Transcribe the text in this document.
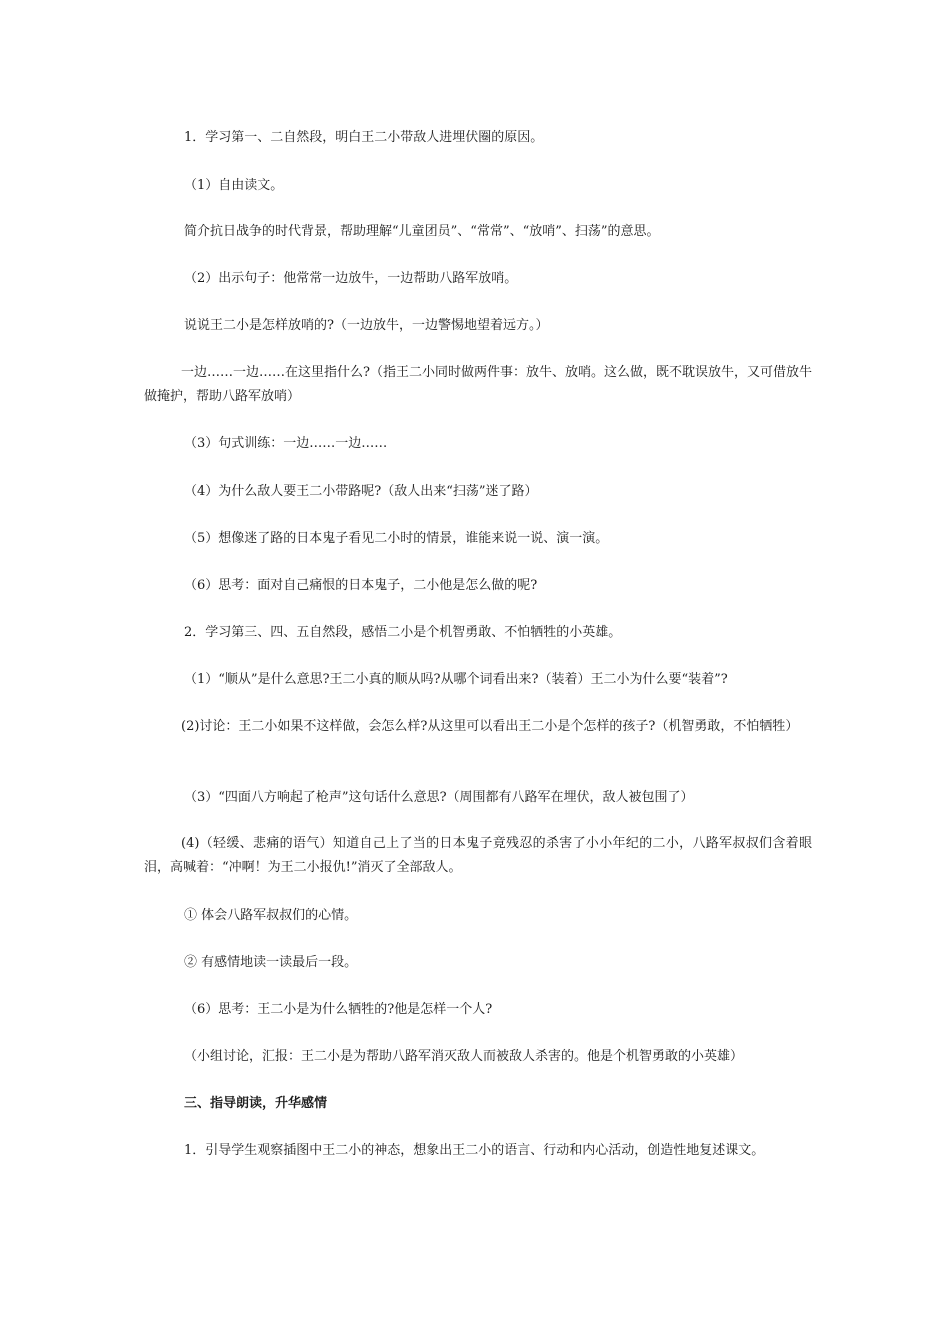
1．学习第一、二自然段，明白王二小带敌人进埋伏圈的原因。

（1）自由读文。

简介抗日战争的时代背景，帮助理解“儿童团员”、“常常”、“放哨”、扫荡”的意思。

（2）出示句子：他常常一边放牛，一边帮助八路军放哨。

说说王二小是怎样放哨的?（一边放牛，一边警惕地望着远方。）

一边……一边……在这里指什么?（指王二小同时做两件事：放牛、放哨。这么做，既不耽误放牛，又可借放牛做掩护，帮助八路军放哨）

（3）句式训练：一边……一边……

（4）为什么敌人要王二小带路呢?（敌人出来“扫荡”迷了路）

（5）想像迷了路的日本鬼子看见二小时的情景，谁能来说一说、演一演。

（6）思考：面对自己痛恨的日本鬼子，二小他是怎么做的呢?

2．学习第三、四、五自然段，感悟二小是个机智勇敢、不怕牺牲的小英雄。

（1）“顺从”是什么意思?王二小真的顺从吗?从哪个词看出来?（装着）王二小为什么要“装着”?

(2)讨论：王二小如果不这样做，会怎么样?从这里可以看出王二小是个怎样的孩子?（机智勇敢，不怕牺牲）

（3）“四面八方响起了枪声”这句话什么意思?（周围都有八路军在埋伏，敌人被包围了）

(4)（轻缓、悲痛的语气）知道自己上了当的日本鬼子竟残忍的杀害了小小年纪的二小，八路军叔叔们含着眼泪，高喊着：“冲啊！为王二小报仇!”消灭了全部敌人。

① 体会八路军叔叔们的心情。

② 有感情地读一读最后一段。

（6）思考：王二小是为什么牺牲的?他是怎样一个人?

（小组讨论，汇报：王二小是为帮助八路军消灭敌人而被敌人杀害的。他是个机智勇敢的小英雄）

三、指导朗读，升华感情

1．引导学生观察插图中王二小的神态，想象出王二小的语言、行动和内心活动，创造性地复述课文。
